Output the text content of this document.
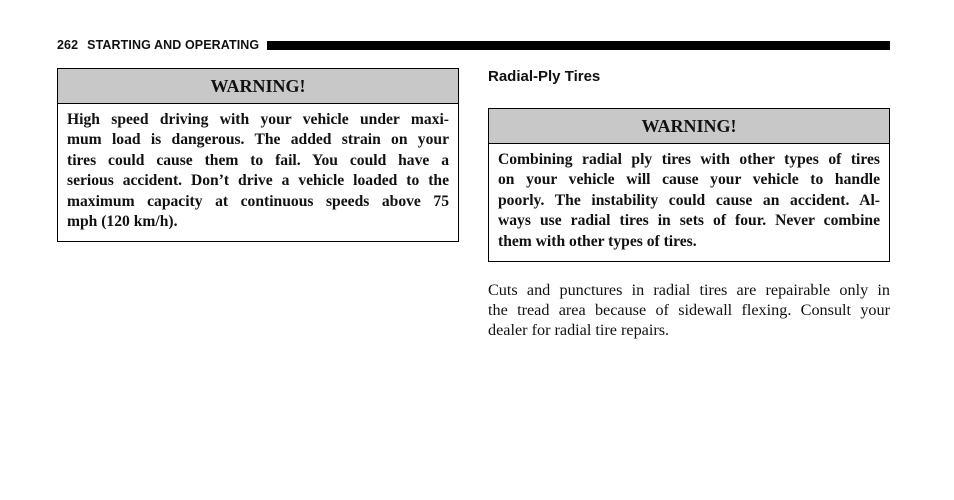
262 STARTING AND OPERATING
WARNING!
High speed driving with your vehicle under maxi-
mum load is dangerous. The added strain on your
tires could cause them to fail. You could have a
serious accident. Don’t drive a vehicle loaded to the
maximum capacity at continuous speeds above 75
mph (120 km/h).
Radial-Ply Tires
WARNING!
Combining radial ply tires with other types of tires
on your vehicle will cause your vehicle to handle
poorly. The instability could cause an accident. Al-
ways use radial tires in sets of four. Never combine
them with other types of tires.
Cuts and punctures in radial tires are repairable only in
the tread area because of sidewall flexing. Consult your
dealer for radial tire repairs.
